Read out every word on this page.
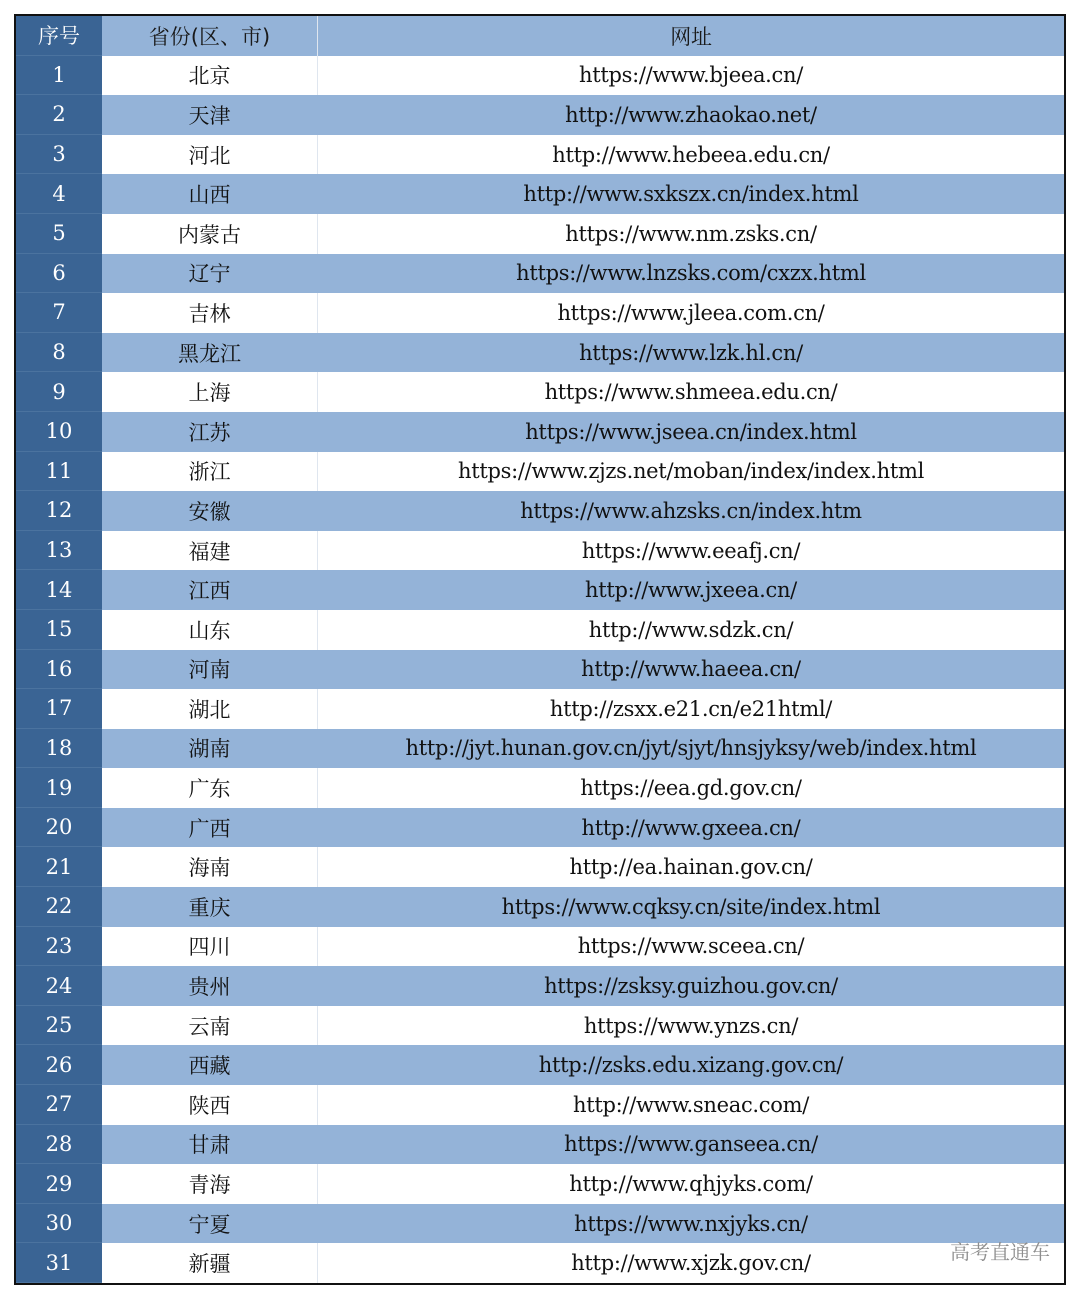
序号	省份(区、市)	网址
1	北京	https://www.bjeea.cn/
2	天津	http://www.zhaokao.net/
3	河北	http://www.hebeea.edu.cn/
4	山西	http://www.sxkszx.cn/index.html
5	内蒙古	https://www.nm.zsks.cn/
6	辽宁	https://www.lnzsks.com/cxzx.html
7	吉林	https://www.jleea.com.cn/
8	黑龙江	https://www.lzk.hl.cn/
9	上海	https://www.shmeea.edu.cn/
10	江苏	https://www.jseea.cn/index.html
11	浙江	https://www.zjzs.net/moban/index/index.html
12	安徽	https://www.ahzsks.cn/index.htm
13	福建	https://www.eeafj.cn/
14	江西	http://www.jxeea.cn/
15	山东	http://www.sdzk.cn/
16	河南	http://www.haeea.cn/
17	湖北	http://zsxx.e21.cn/e21html/
18	湖南	http://jyt.hunan.gov.cn/jyt/sjyt/hnsjyksy/web/index.html
19	广东	https://eea.gd.gov.cn/
20	广西	http://www.gxeea.cn/
21	海南	http://ea.hainan.gov.cn/
22	重庆	https://www.cqksy.cn/site/index.html
23	四川	https://www.sceea.cn/
24	贵州	https://zsksy.guizhou.gov.cn/
25	云南	https://www.ynzs.cn/
26	西藏	http://zsks.edu.xizang.gov.cn/
27	陕西	http://www.sneac.com/
28	甘肃	https://www.ganseea.cn/
29	青海	http://www.qhjyks.com/
30	宁夏	https://www.nxjyks.cn/
31	新疆	http://www.xjzk.gov.cn/	高考直通车
